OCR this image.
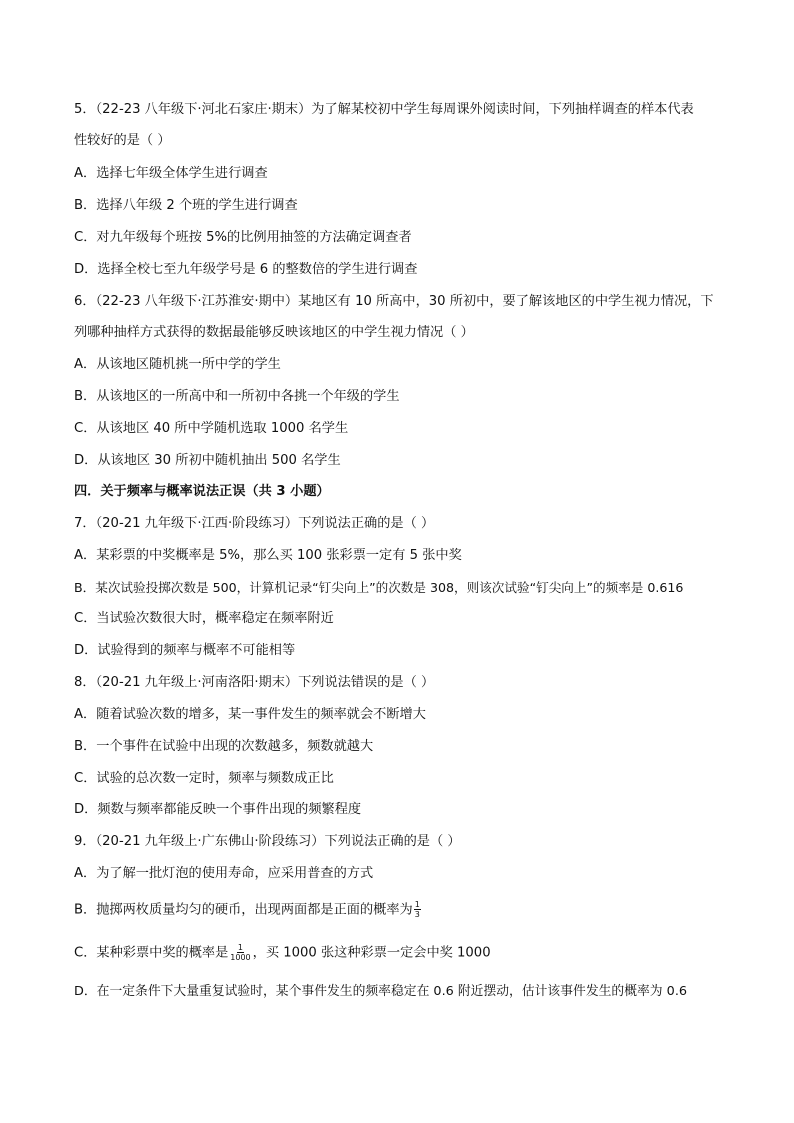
5．（22-23 八年级下·河北石家庄·期末）为了解某校初中学生每周课外阅读时间，下列抽样调查的样本代表
性较好的是（ ）
A．选择七年级全体学生进行调查
B．选择八年级 2 个班的学生进行调查
C．对九年级每个班按 5%的比例用抽签的方法确定调查者
D．选择全校七至九年级学号是 6 的整数倍的学生进行调查
6．（22-23 八年级下·江苏淮安·期中）某地区有 10 所高中，30 所初中，要了解该地区的中学生视力情况，下
列哪种抽样方式获得的数据最能够反映该地区的中学生视力情况（ ）
A．从该地区随机挑一所中学的学生
B．从该地区的一所高中和一所初中各挑一个年级的学生
C．从该地区 40 所中学随机选取 1000 名学生
D．从该地区 30 所初中随机抽出 500 名学生
四．关于频率与概率说法正误（共 3 小题）
7．（20-21 九年级下·江西·阶段练习）下列说法正确的是（ ）
A．某彩票的中奖概率是 5%，那么买 100 张彩票一定有 5 张中奖
B．某次试验投掷次数是 500，计算机记录“钉尖向上”的次数是 308，则该次试验“钉尖向上”的频率是 0.616
C．当试验次数很大时，概率稳定在频率附近
D．试验得到的频率与概率不可能相等
8．（20-21 九年级上·河南洛阳·期末）下列说法错误的是（ ）
A．随着试验次数的增多，某一事件发生的频率就会不断增大
B．一个事件在试验中出现的次数越多，频数就越大
C．试验的总次数一定时，频率与频数成正比
D．频数与频率都能反映一个事件出现的频繁程度
9．（20-21 九年级上·广东佛山·阶段练习）下列说法正确的是（ ）
A．为了解一批灯泡的使用寿命，应采用普查的方式
B．抛掷两枚质量均匀的硬币，出现两面都是正面的概率为 $\frac{1}{3}$
C．某种彩票中奖的概率是 $\frac{1}{1000}$ ，买 1000 张这种彩票一定会中奖 1000
D．在一定条件下大量重复试验时，某个事件发生的频率稳定在 0.6 附近摆动，估计该事件发生的概率为 0.6
